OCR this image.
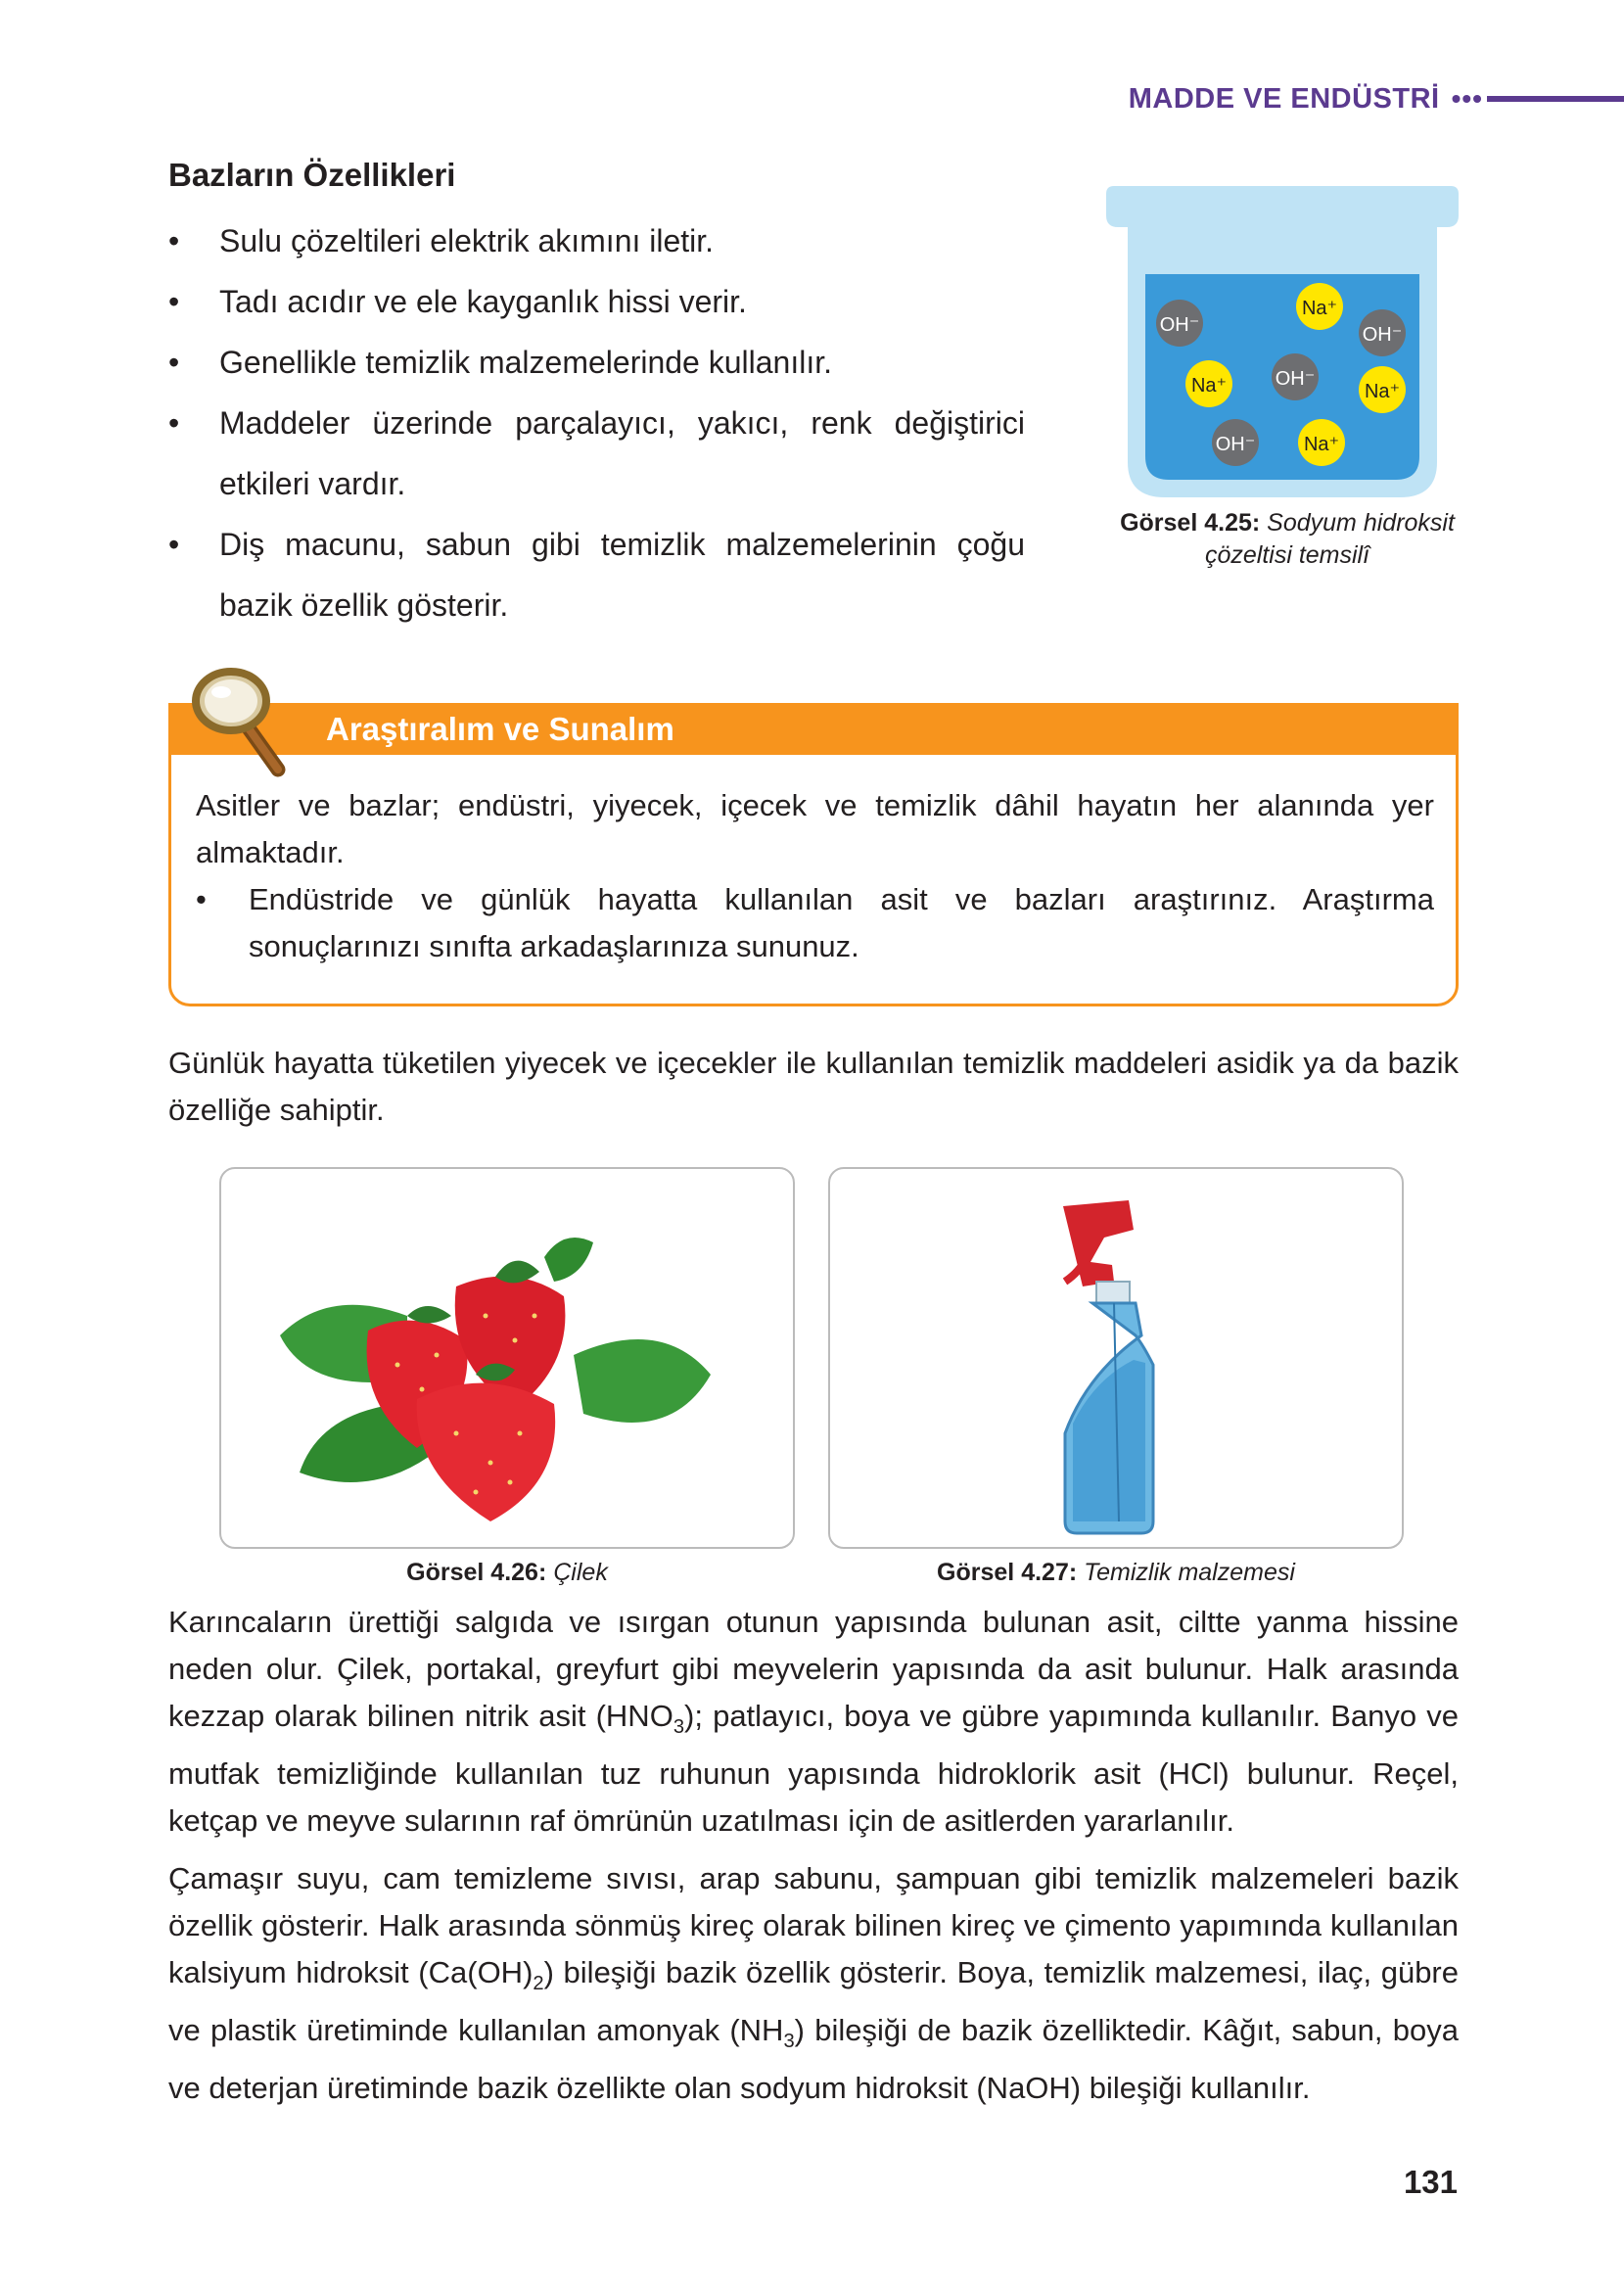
MADDE VE ENDÜSTRİ •••
Bazların Özellikleri
• Sulu çözeltileri elektrik akımını iletir.
• Tadı acıdır ve ele kayganlık hissi verir.
• Genellikle temizlik malzemelerinde kullanılır.
• Maddeler üzerinde parçalayıcı, yakıcı, renk değiştirici etkileri vardır.
• Diş macunu, sabun gibi temizlik malzemelerinin çoğu bazik özellik gösterir.
OH⁻
Na⁺
OH⁻
Na⁺ OH⁻
Na⁺
OH⁻ Na⁺
Görsel 4.25: Sodyum hidroksit çözeltisi temsilî
Araştıralım ve Sunalım
Asitler ve bazlar; endüstri, yiyecek, içecek ve temizlik dâhil hayatın her alanında yer almaktadır.
• Endüstride ve günlük hayatta kullanılan asit ve bazları araştırınız. Araştırma sonuçlarınızı sınıfta arkadaşlarınıza sununuz.

Günlük hayatta tüketilen yiyecek ve içecekler ile kullanılan temizlik maddeleri asidik ya da bazik özelliğe sahiptir.

Görsel 4.26: Çilek	Görsel 4.27: Temizlik malzemesi

Karıncaların ürettiği salgıda ve ısırgan otunun yapısında bulunan asit, ciltte yanma hissine neden olur. Çilek, portakal, greyfurt gibi meyvelerin yapısında da asit bulunur. Halk arasında kezzap olarak bilinen nitrik asit $(HNO_3)$; patlayıcı, boya ve gübre yapımında kullanılır. Banyo ve mutfak temizliğinde kullanılan tuz ruhunun yapısında hidroklorik asit (HCl) bulunur. Reçel, ketçap ve meyve sularının raf ömrünün uzatılması için de asitlerden yararlanılır.

Çamaşır suyu, cam temizleme sıvısı, arap sabunu, şampuan gibi temizlik malzemeleri bazik özellik gösterir. Halk arasında sönmüş kireç olarak bilinen kireç ve çimento yapımında kullanılan kalsiyum hidroksit $(Ca(OH)_2)$ bileşiği bazik özellik gösterir. Boya, temizlik malzemesi, ilaç, gübre ve plastik üretiminde kullanılan amonyak $(NH_3)$ bileşiği de bazik özelliktedir. Kâğıt, sabun, boya ve deterjan üretiminde bazik özellikte olan sodyum hidroksit (NaOH) bileşiği kullanılır.

131
